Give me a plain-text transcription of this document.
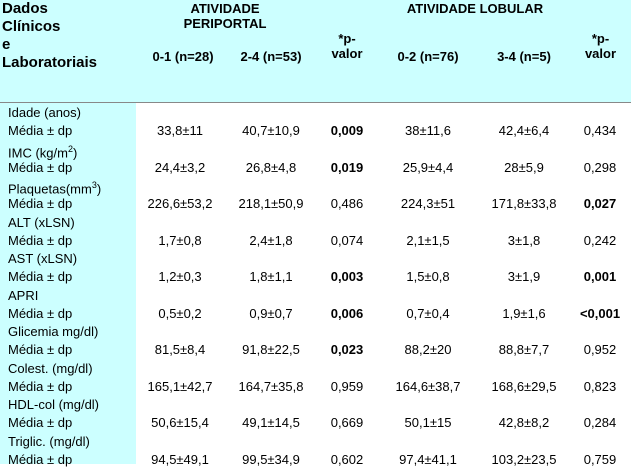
Dados
Clínicos
e
Laboratoriais
ATIVIDADE
PERIPORTAL
ATIVIDADE LOBULAR
0-1 (n=28)	2-4 (n=53)
*p-
valor	0-2 (n=76)	3-4 (n=5)
*p-
valor
Idade (anos)
Média ± dp	33,8±11	40,7±10,9	0,009	38±11,6	42,4±6,4	0,434
IMC $(kg/m^2)$
Média ± dp	24,4±3,2	26,8±4,8	0,019	25,9±4,4	28±5,9	0,298
$Plaquetas(mm^3)$
Média ± dp	226,6±53,2	218,1±50,9	0,486	224,3±51	171,8±33,8	0,027
ALT (xLSN)
Média ± dp	1,7±0,8	2,4±1,8	0,074	2,1±1,5	3±1,8	0,242
AST (xLSN)
Média ± dp	1,2±0,3	1,8±1,1	0,003	1,5±0,8	3±1,9	0,001
APRI
Média ± dp	0,5±0,2	0,9±0,7	0,006	0,7±0,4	1,9±1,6	<0,001
Glicemia mg/dl)
Média ± dp	81,5±8,4	91,8±22,5	0,023	88,2±20	88,8±7,7	0,952
Colest. (mg/dl)
Média ± dp	165,1±42,7	164,7±35,8	0,959	164,6±38,7	168,6±29,5	0,823
HDL-col (mg/dl)
Média ± dp	50,6±15,4	49,1±14,5	0,669	50,1±15	42,8±8,2	0,284
Triglic. (mg/dl)
Média ± dp	94,5±49,1	99,5±34,9	0,602	97,4±41,1	103,2±23,5	0,759
